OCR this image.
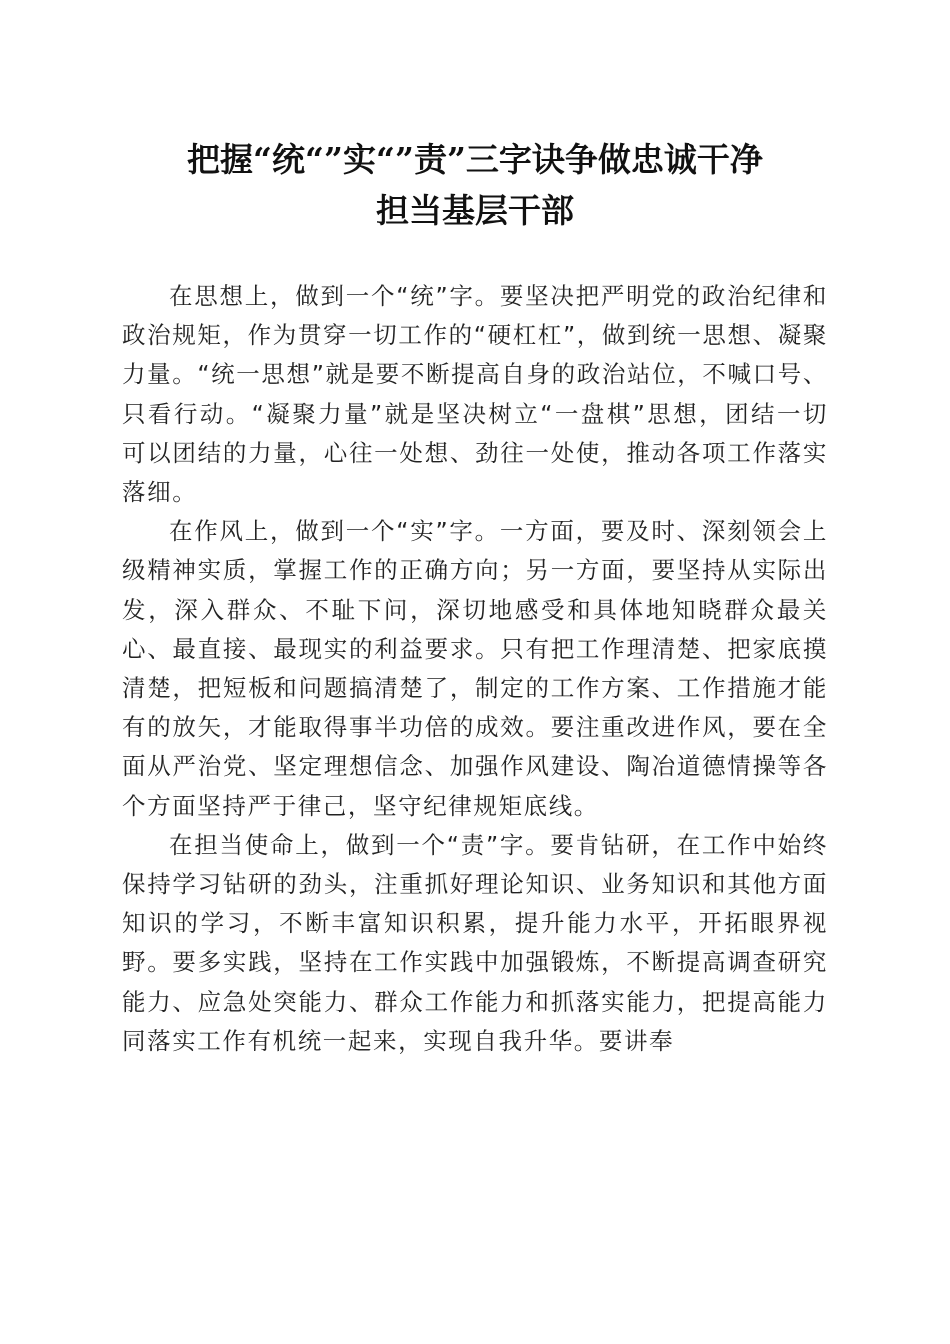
把握“统“”实“”责”三字诀争做忠诚干净
担当基层干部

在思想上，做到一个“统”字。要坚决把严明党的政治纪律和政治规矩，作为贯穿一切工作的“硬杠杠”，做到统一思想、凝聚力量。“统一思想”就是要不断提高自身的政治站位，不喊口号、只看行动。“凝聚力量”就是坚决树立“一盘棋”思想，团结一切可以团结的力量，心往一处想、劲往一处使，推动各项工作落实落细。

在作风上，做到一个“实”字。一方面，要及时、深刻领会上级精神实质，掌握工作的正确方向；另一方面，要坚持从实际出发，深入群众、不耻下问，深切地感受和具体地知晓群众最关心、最直接、最现实的利益要求。只有把工作理清楚、把家底摸清楚，把短板和问题搞清楚了，制定的工作方案、工作措施才能有的放矢，才能取得事半功倍的成效。要注重改进作风，要在全面从严治党、坚定理想信念、加强作风建设、陶冶道德情操等各个方面坚持严于律己，坚守纪律规矩底线。

在担当使命上，做到一个“责”字。要肯钻研，在工作中始终保持学习钻研的劲头，注重抓好理论知识、业务知识和其他方面知识的学习，不断丰富知识积累，提升能力水平，开拓眼界视野。要多实践，坚持在工作实践中加强锻炼，不断提高调查研究能力、应急处突能力、群众工作能力和抓落实能力，把提高能力同落实工作有机统一起来，实现自我升华。要讲奉
